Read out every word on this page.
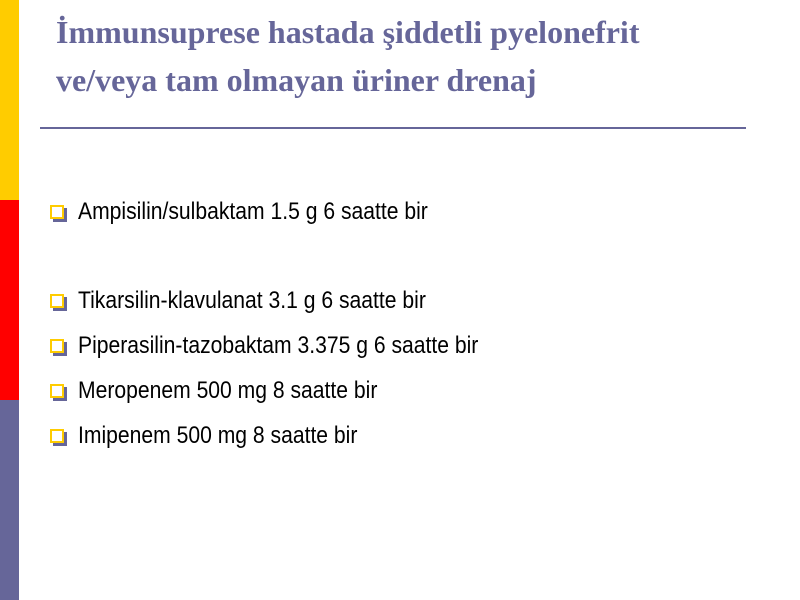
İmmunsuprese hastada şiddetli pyelonefrit
ve/veya tam olmayan üriner drenaj
Ampisilin/sulbaktam 1.5 g 6 saatte bir
Tikarsilin-klavulanat 3.1 g 6 saatte bir
Piperasilin-tazobaktam 3.375 g 6 saatte bir
Meropenem 500 mg 8 saatte bir
Imipenem 500 mg 8 saatte bir
